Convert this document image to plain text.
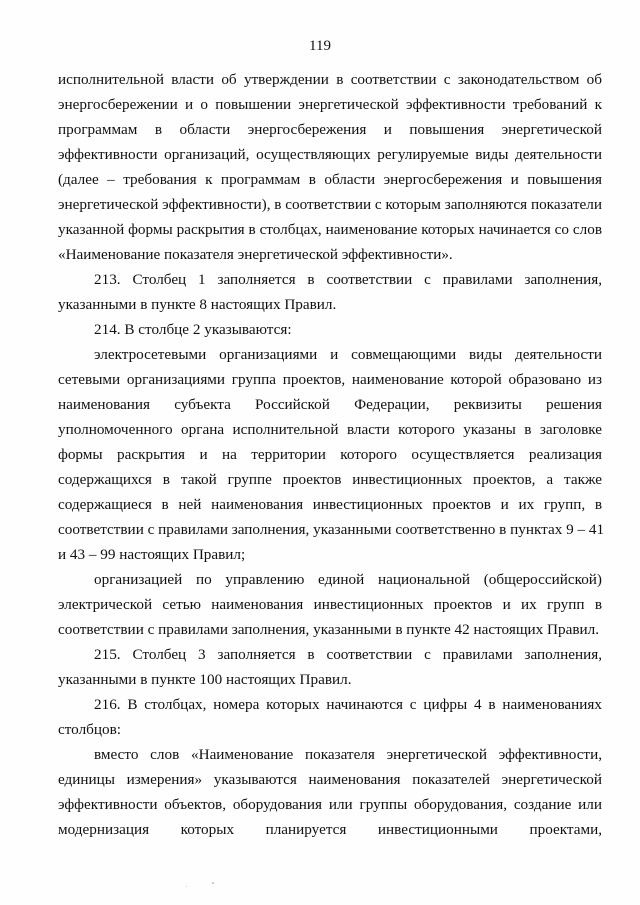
119
исполнительной власти об утверждении в соответствии с законодательством об
энергосбережении и о повышении энергетической эффективности требований к
программам в области энергосбережения и повышения энергетической
эффективности организаций, осуществляющих регулируемые виды деятельности
(далее – требования к программам в области энергосбережения и повышения
энергетической эффективности), в соответствии с которым заполняются показатели
указанной формы раскрытия в столбцах, наименование которых начинается со слов
«Наименование показателя энергетической эффективности».
213. Столбец 1 заполняется в соответствии с правилами заполнения,
указанными в пункте 8 настоящих Правил.
214. В столбце 2 указываются:
электросетевыми организациями и совмещающими виды деятельности
сетевыми организациями группа проектов, наименование которой образовано из
наименования субъекта Российской Федерации, реквизиты решения
уполномоченного органа исполнительной власти которого указаны в заголовке
формы раскрытия и на территории которого осуществляется реализация
содержащихся в такой группе проектов инвестиционных проектов, а также
содержащиеся в ней наименования инвестиционных проектов и их групп, в
соответствии с правилами заполнения, указанными соответственно в пунктах 9 – 41
и 43 – 99 настоящих Правил;
организацией по управлению единой национальной (общероссийской)
электрической сетью наименования инвестиционных проектов и их групп в
соответствии с правилами заполнения, указанными в пункте 42 настоящих Правил.
215. Столбец 3 заполняется в соответствии с правилами заполнения,
указанными в пункте 100 настоящих Правил.
216. В столбцах, номера которых начинаются с цифры 4 в наименованиях
столбцов:
вместо слов «Наименование показателя энергетической эффективности,
единицы измерения» указываются наименования показателей энергетической
эффективности объектов, оборудования или группы оборудования, создание или
модернизация которых планируется инвестиционными проектами,
